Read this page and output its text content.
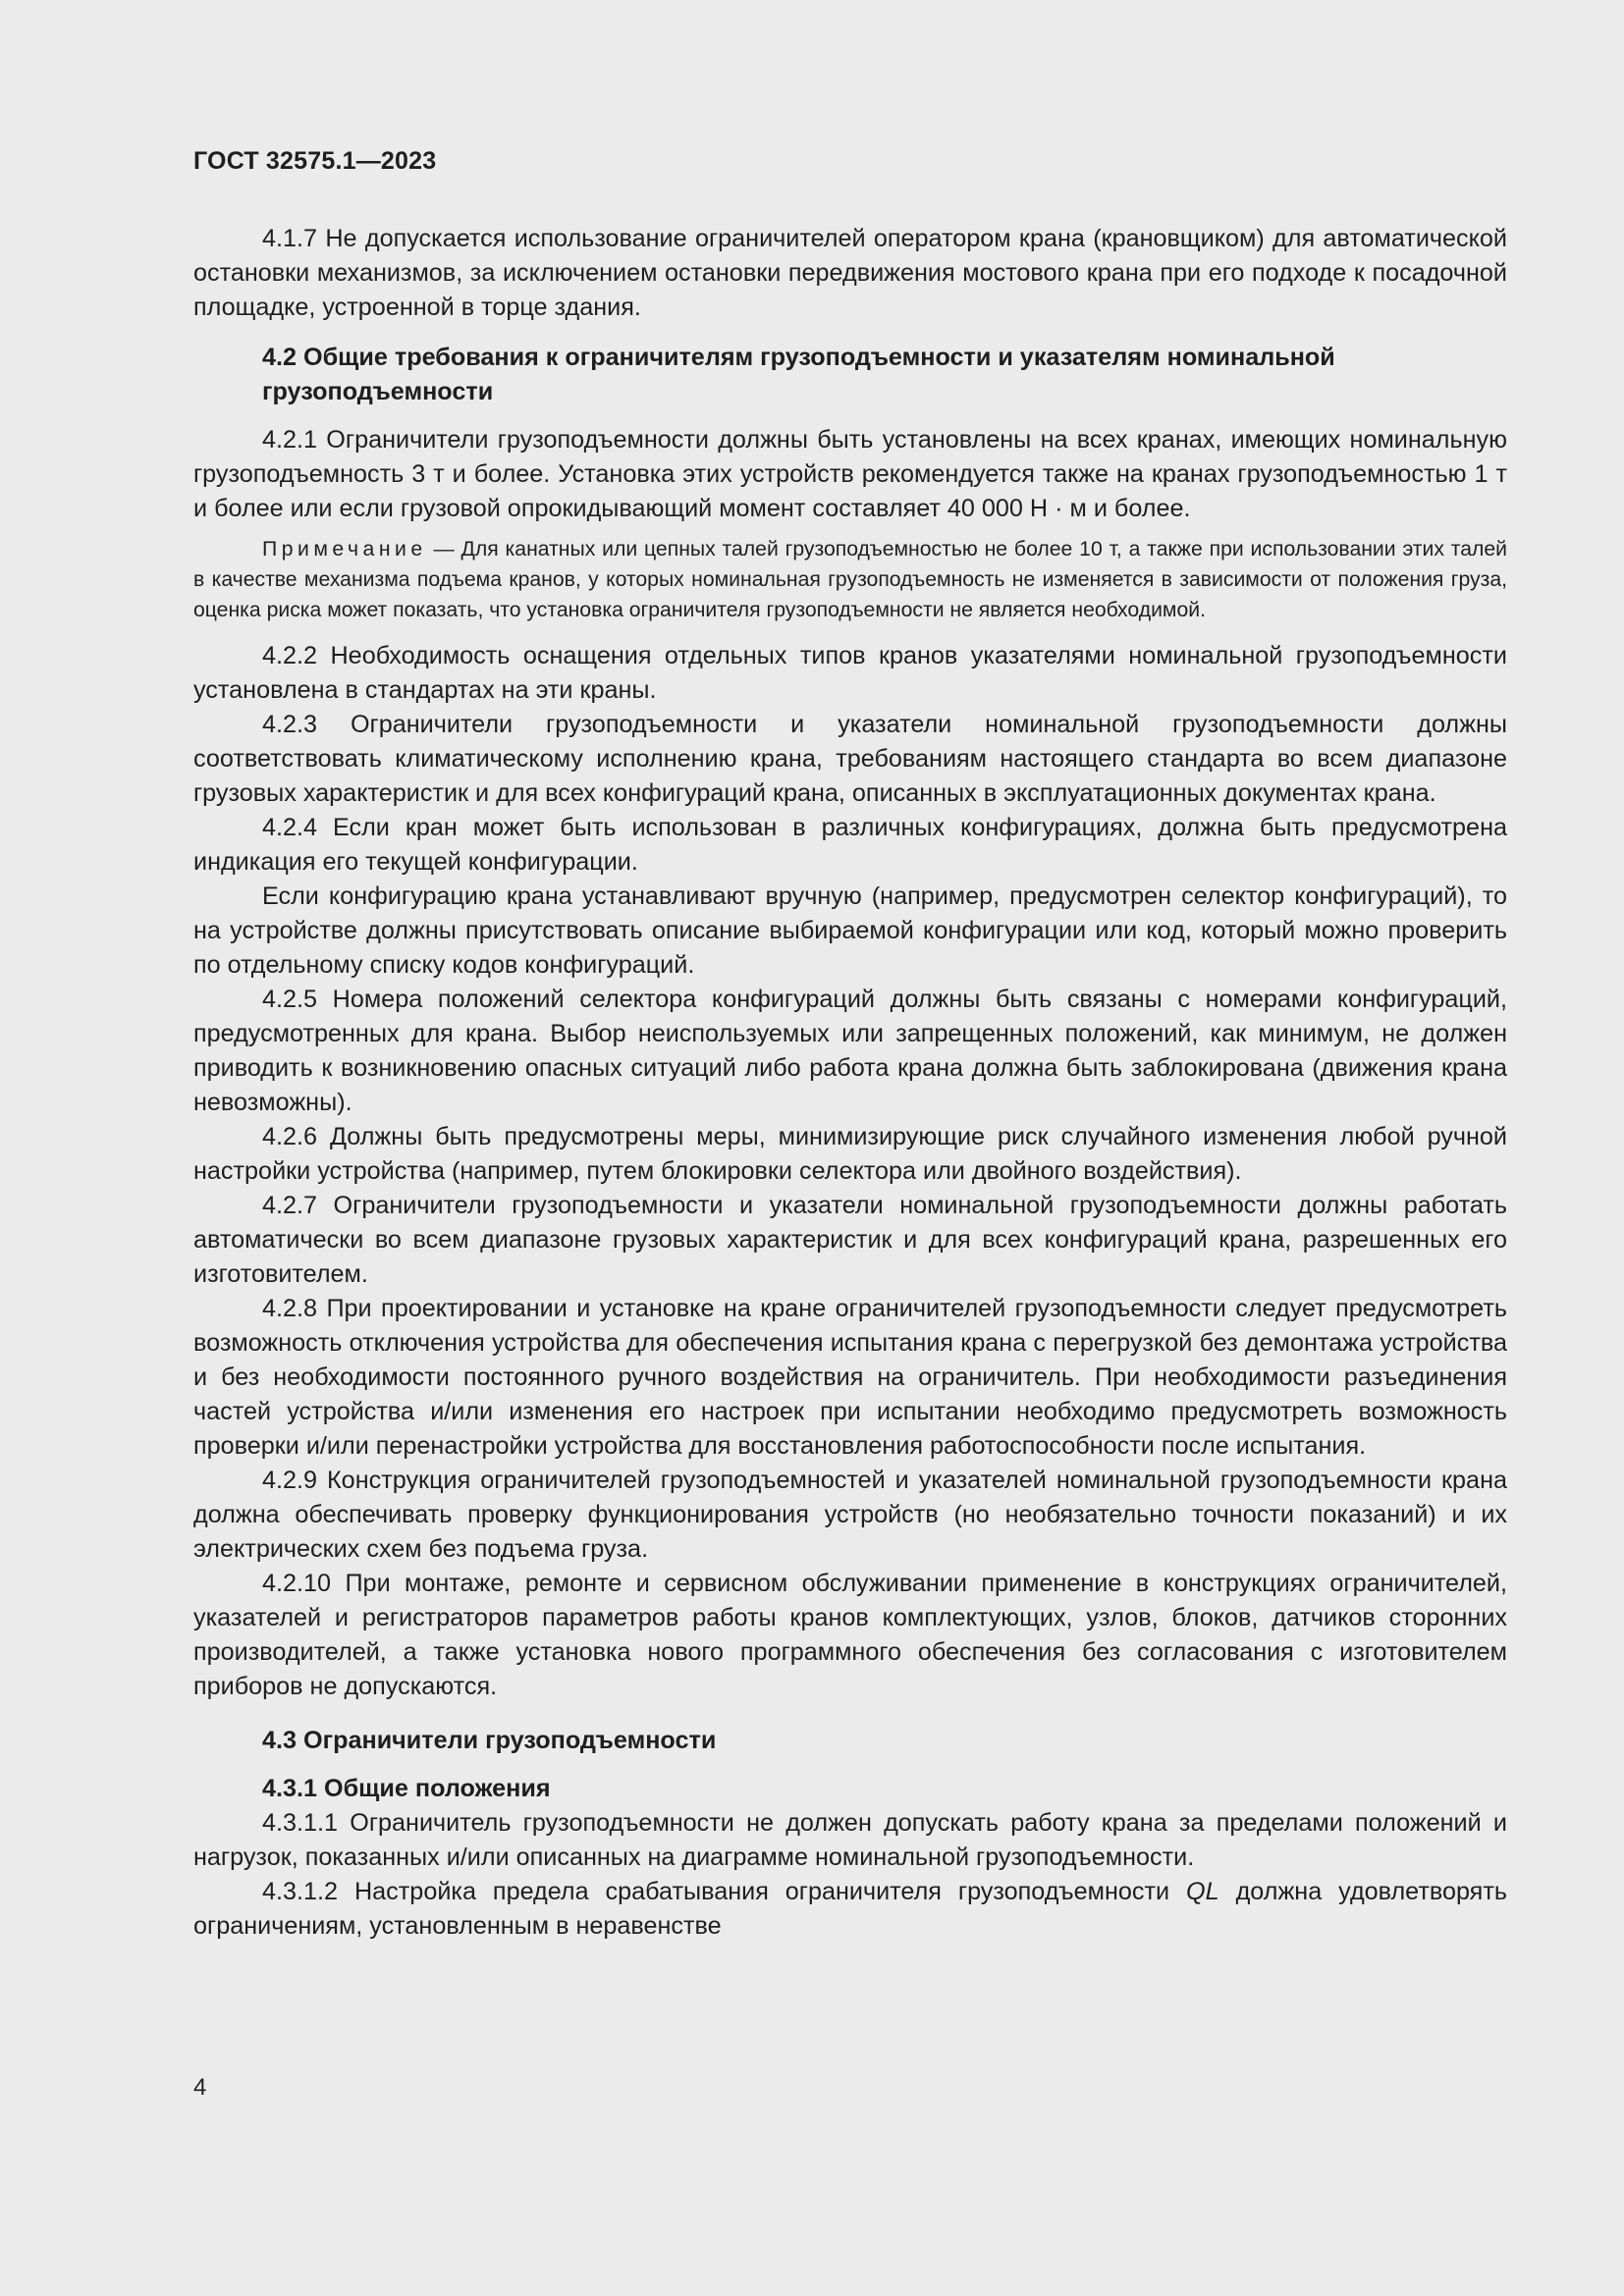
ГОСТ 32575.1—2023

4.1.7 Не допускается использование ограничителей оператором крана (крановщиком) для автоматической остановки механизмов, за исключением остановки передвижения мостового крана при его подходе к посадочной площадке, устроенной в торце здания.

4.2 Общие требования к ограничителям грузоподъемности и указателям номинальной грузоподъемности

4.2.1 Ограничители грузоподъемности должны быть установлены на всех кранах, имеющих номинальную грузоподъемность 3 т и более. Установка этих устройств рекомендуется также на кранах грузоподъемностью 1 т и более или если грузовой опрокидывающий момент составляет 40 000 Н · м и более.

Примечание — Для канатных или цепных талей грузоподъемностью не более 10 т, а также при использовании этих талей в качестве механизма подъема кранов, у которых номинальная грузоподъемность не изменяется в зависимости от положения груза, оценка риска может показать, что установка ограничителя грузоподъемности не является необходимой.

4.2.2 Необходимость оснащения отдельных типов кранов указателями номинальной грузоподъемности установлена в стандартах на эти краны.

4.2.3 Ограничители грузоподъемности и указатели номинальной грузоподъемности должны соответствовать климатическому исполнению крана, требованиям настоящего стандарта во всем диапазоне грузовых характеристик и для всех конфигураций крана, описанных в эксплуатационных документах крана.

4.2.4 Если кран может быть использован в различных конфигурациях, должна быть предусмотрена индикация его текущей конфигурации.

Если конфигурацию крана устанавливают вручную (например, предусмотрен селектор конфигураций), то на устройстве должны присутствовать описание выбираемой конфигурации или код, который можно проверить по отдельному списку кодов конфигураций.

4.2.5 Номера положений селектора конфигураций должны быть связаны с номерами конфигураций, предусмотренных для крана. Выбор неиспользуемых или запрещенных положений, как минимум, не должен приводить к возникновению опасных ситуаций либо работа крана должна быть заблокирована (движения крана невозможны).

4.2.6 Должны быть предусмотрены меры, минимизирующие риск случайного изменения любой ручной настройки устройства (например, путем блокировки селектора или двойного воздействия).

4.2.7 Ограничители грузоподъемности и указатели номинальной грузоподъемности должны работать автоматически во всем диапазоне грузовых характеристик и для всех конфигураций крана, разрешенных его изготовителем.

4.2.8 При проектировании и установке на кране ограничителей грузоподъемности следует предусмотреть возможность отключения устройства для обеспечения испытания крана с перегрузкой без демонтажа устройства и без необходимости постоянного ручного воздействия на ограничитель. При необходимости разъединения частей устройства и/или изменения его настроек при испытании необходимо предусмотреть возможность проверки и/или перенастройки устройства для восстановления работоспособности после испытания.

4.2.9 Конструкция ограничителей грузоподъемностей и указателей номинальной грузоподъемности крана должна обеспечивать проверку функционирования устройств (но необязательно точности показаний) и их электрических схем без подъема груза.

4.2.10 При монтаже, ремонте и сервисном обслуживании применение в конструкциях ограничителей, указателей и регистраторов параметров работы кранов комплектующих, узлов, блоков, датчиков сторонних производителей, а также установка нового программного обеспечения без согласования с изготовителем приборов не допускаются.

4.3 Ограничители грузоподъемности
4.3.1 Общие положения

4.3.1.1 Ограничитель грузоподъемности не должен допускать работу крана за пределами положений и нагрузок, показанных и/или описанных на диаграмме номинальной грузоподъемности.

4.3.1.2 Настройка предела срабатывания ограничителя грузоподъемности QL должна удовлетворять ограничениям, установленным в неравенстве

4
